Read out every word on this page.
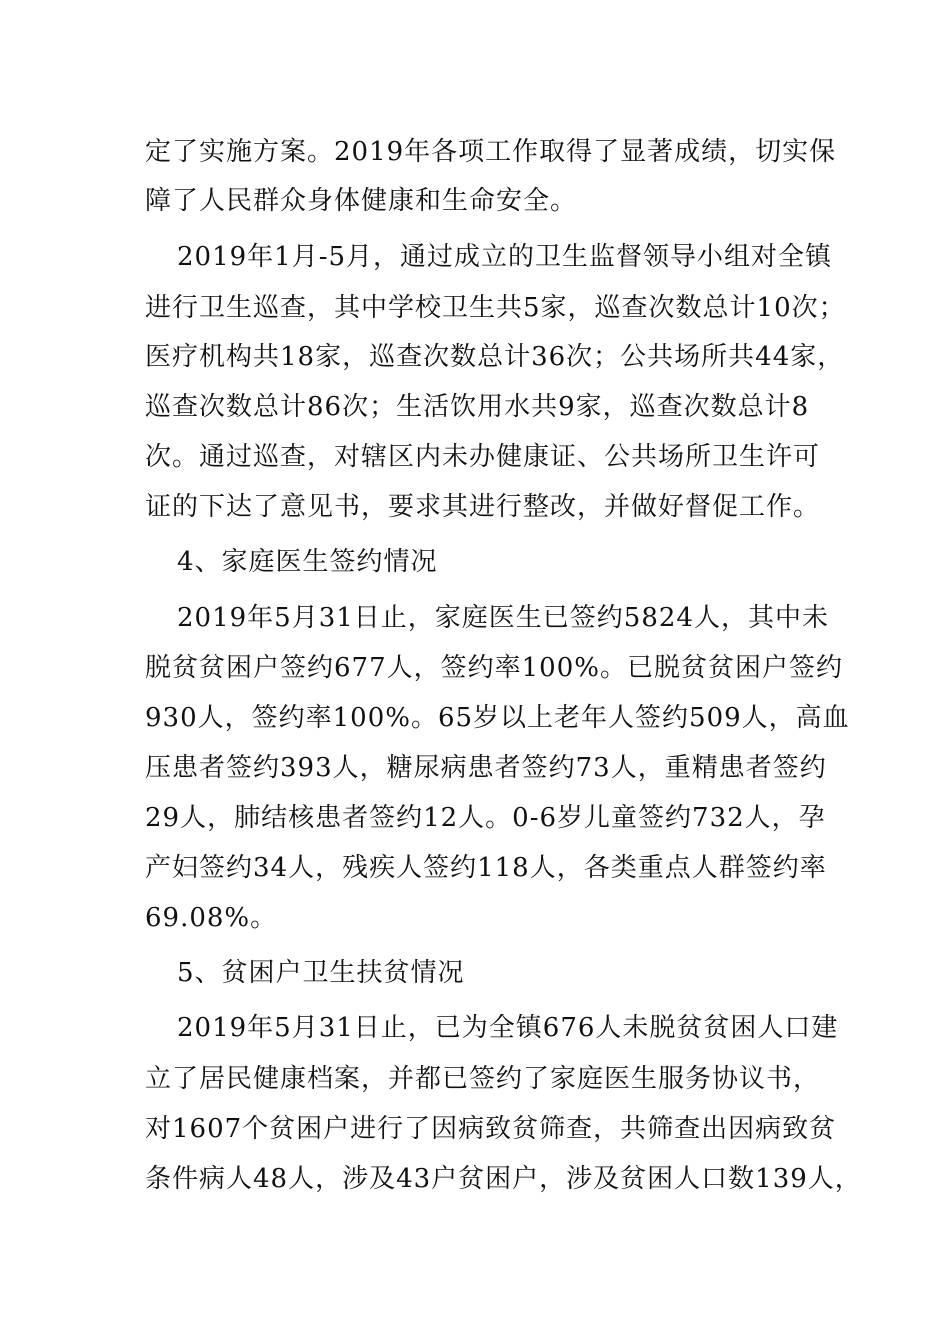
定了实施方案。2019年各项工作取得了显著成绩，切实保
障了人民群众身体健康和生命安全。
2019年1月-5月，通过成立的卫生监督领导小组对全镇
进行卫生巡查，其中学校卫生共5家，巡查次数总计10次；
医疗机构共18家，巡查次数总计36次；公共场所共44家，
巡查次数总计86次；生活饮用水共9家，巡查次数总计8
次。通过巡查，对辖区内未办健康证、公共场所卫生许可
证的下达了意见书，要求其进行整改，并做好督促工作。
4、家庭医生签约情况
2019年5月31日止，家庭医生已签约5824人，其中未
脱贫贫困户签约677人，签约率100%。已脱贫贫困户签约
930人，签约率100%。65岁以上老年人签约509人，高血
压患者签约393人，糖尿病患者签约73人，重精患者签约
29人，肺结核患者签约12人。0-6岁儿童签约732人，孕
产妇签约34人，残疾人签约118人，各类重点人群签约率
69.08%。
5、贫困户卫生扶贫情况
2019年5月31日止，已为全镇676人未脱贫贫困人口建
立了居民健康档案，并都已签约了家庭医生服务协议书，
对1607个贫困户进行了因病致贫筛查，共筛查出因病致贫
条件病人48人，涉及43户贫困户，涉及贫困人口数139人，
